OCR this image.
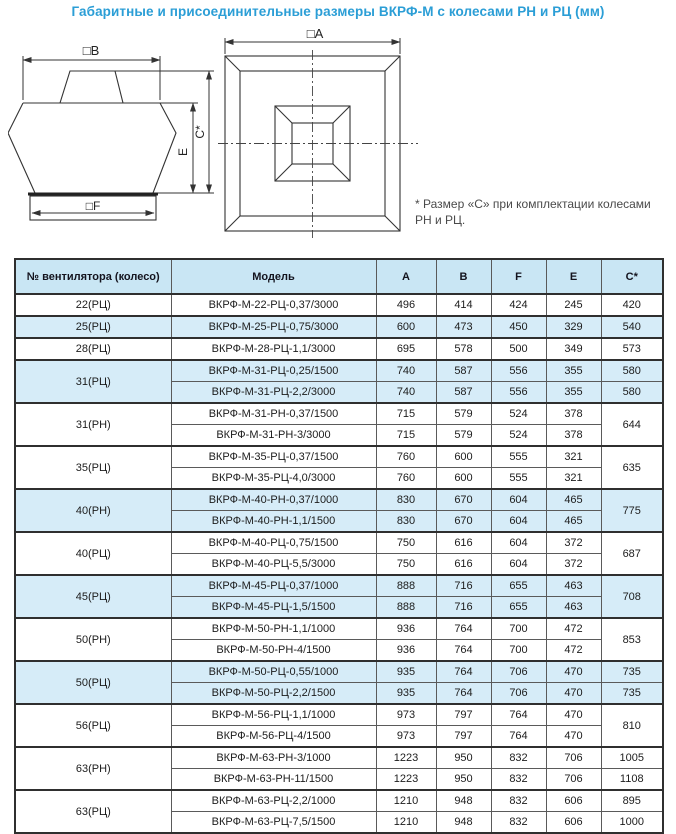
Габаритные и присоединительные размеры ВКРФ-М с колесами РН и РЦ (мм)
□B
□F
E
C*
□A
* Размер «С» при комплектации колесами
РН и РЦ.
№ вентилятора (колесо)	Модель	A	B	F	E	C*
22(РЦ)	ВКРФ-М-22-РЦ-0,37/3000	496	414	424	245	420
25(РЦ)	ВКРФ-М-25-РЦ-0,75/3000	600	473	450	329	540
28(РЦ)	ВКРФ-М-28-РЦ-1,1/3000	695	578	500	349	573
31(РЦ)	ВКРФ-М-31-РЦ-0,25/1500	740	587	556	355	580
	ВКРФ-М-31-РЦ-2,2/3000	740	587	556	355	580
31(РН)	ВКРФ-М-31-РН-0,37/1500	715	579	524	378	644
	ВКРФ-М-31-РН-3/3000	715	579	524	378	
35(РЦ)	ВКРФ-М-35-РЦ-0,37/1500	760	600	555	321	635
	ВКРФ-М-35-РЦ-4,0/3000	760	600	555	321	
40(РН)	ВКРФ-М-40-РН-0,37/1000	830	670	604	465	775
	ВКРФ-М-40-РН-1,1/1500	830	670	604	465	
40(РЦ)	ВКРФ-М-40-РЦ-0,75/1500	750	616	604	372	687
	ВКРФ-М-40-РЦ-5,5/3000	750	616	604	372	
45(РЦ)	ВКРФ-М-45-РЦ-0,37/1000	888	716	655	463	708
	ВКРФ-М-45-РЦ-1,5/1500	888	716	655	463	
50(РН)	ВКРФ-М-50-РН-1,1/1000	936	764	700	472	853
	ВКРФ-М-50-РН-4/1500	936	764	700	472	
50(РЦ)	ВКРФ-М-50-РЦ-0,55/1000	935	764	706	470	735
	ВКРФ-М-50-РЦ-2,2/1500	935	764	706	470	735
56(РЦ)	ВКРФ-М-56-РЦ-1,1/1000	973	797	764	470	810
	ВКРФ-М-56-РЦ-4/1500	973	797	764	470	
63(РН)	ВКРФ-М-63-РН-3/1000	1223	950	832	706	1005
	ВКРФ-М-63-РН-11/1500	1223	950	832	706	1108
63(РЦ)	ВКРФ-М-63-РЦ-2,2/1000	1210	948	832	606	895
	ВКРФ-М-63-РЦ-7,5/1500	1210	948	832	606	1000
